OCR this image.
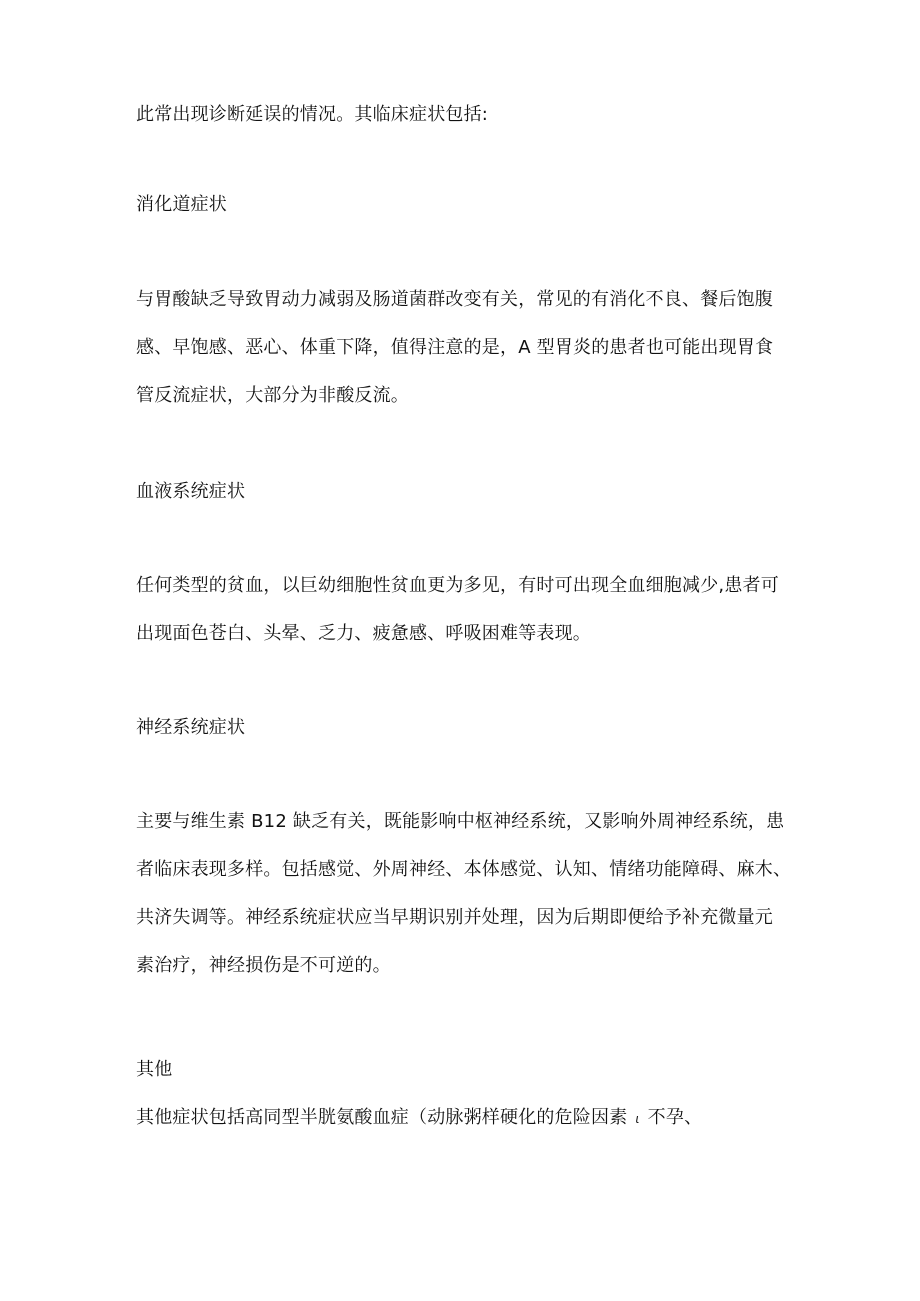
此常出现诊断延误的情况。其临床症状包括:
消化道症状
与胃酸缺乏导致胃动力减弱及肠道菌群改变有关，常见的有消化不良、餐后饱腹
感、早饱感、恶心、体重下降，值得注意的是，A 型胃炎的患者也可能出现胃食
管反流症状，大部分为非酸反流。
血液系统症状
任何类型的贫血，以巨幼细胞性贫血更为多见，有时可出现全血细胞减少,患者可
出现面色苍白、头晕、乏力、疲惫感、呼吸困难等表现。
神经系统症状
主要与维生素 B12 缺乏有关，既能影响中枢神经系统，又影响外周神经系统，患
者临床表现多样。包括感觉、外周神经、本体感觉、认知、情绪功能障碍、麻木、
共济失调等。神经系统症状应当早期识别并处理，因为后期即便给予补充微量元
素治疗，神经损伤是不可逆的。
其他
其他症状包括高同型半胱氨酸血症（动脉粥样硬化的危险因素 ι 不孕、
